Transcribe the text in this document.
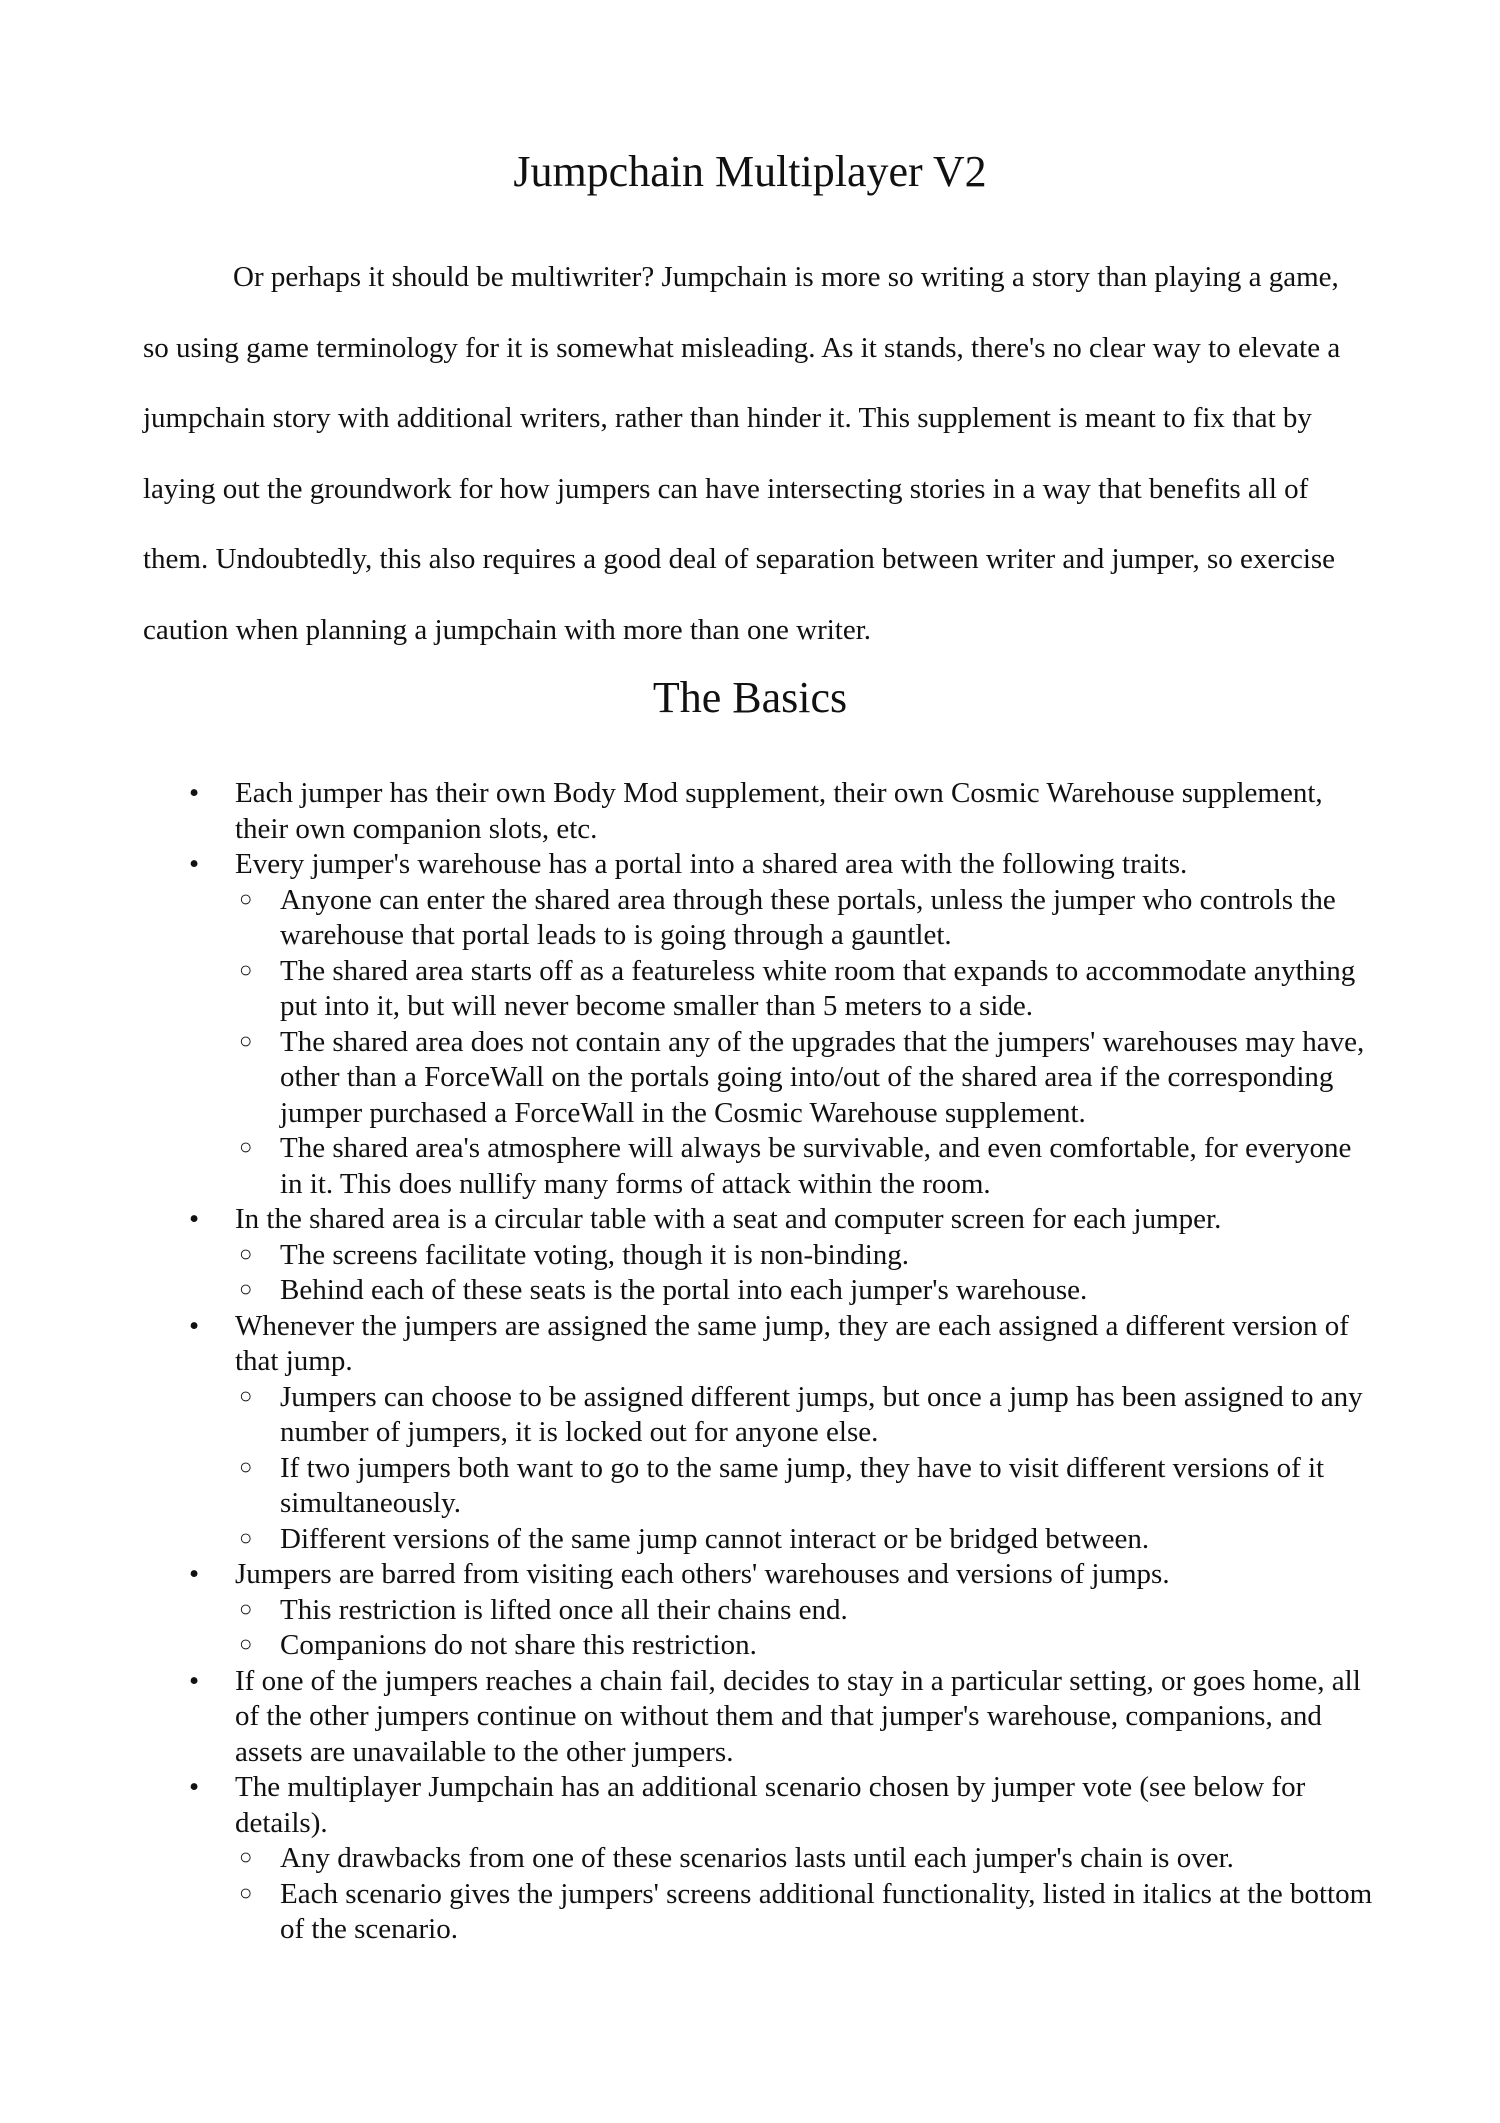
Jumpchain Multiplayer V2
Or perhaps it should be multiwriter? Jumpchain is more so writing a story than playing a game, so using game terminology for it is somewhat misleading. As it stands, there's no clear way to elevate a jumpchain story with additional writers, rather than hinder it. This supplement is meant to fix that by laying out the groundwork for how jumpers can have intersecting stories in a way that benefits all of them. Undoubtedly, this also requires a good deal of separation between writer and jumper, so exercise caution when planning a jumpchain with more than one writer.
The Basics
• Each jumper has their own Body Mod supplement, their own Cosmic Warehouse supplement, their own companion slots, etc.
• Every jumper's warehouse has a portal into a shared area with the following traits.
○ Anyone can enter the shared area through these portals, unless the jumper who controls the warehouse that portal leads to is going through a gauntlet.
○ The shared area starts off as a featureless white room that expands to accommodate anything put into it, but will never become smaller than 5 meters to a side.
○ The shared area does not contain any of the upgrades that the jumpers' warehouses may have, other than a ForceWall on the portals going into/out of the shared area if the corresponding jumper purchased a ForceWall in the Cosmic Warehouse supplement.
○ The shared area's atmosphere will always be survivable, and even comfortable, for everyone in it. This does nullify many forms of attack within the room.
• In the shared area is a circular table with a seat and computer screen for each jumper.
○ The screens facilitate voting, though it is non-binding.
○ Behind each of these seats is the portal into each jumper's warehouse.
• Whenever the jumpers are assigned the same jump, they are each assigned a different version of that jump.
○ Jumpers can choose to be assigned different jumps, but once a jump has been assigned to any number of jumpers, it is locked out for anyone else.
○ If two jumpers both want to go to the same jump, they have to visit different versions of it simultaneously.
○ Different versions of the same jump cannot interact or be bridged between.
• Jumpers are barred from visiting each others' warehouses and versions of jumps.
○ This restriction is lifted once all their chains end.
○ Companions do not share this restriction.
• If one of the jumpers reaches a chain fail, decides to stay in a particular setting, or goes home, all of the other jumpers continue on without them and that jumper's warehouse, companions, and assets are unavailable to the other jumpers.
• The multiplayer Jumpchain has an additional scenario chosen by jumper vote (see below for details).
○ Any drawbacks from one of these scenarios lasts until each jumper's chain is over.
○ Each scenario gives the jumpers' screens additional functionality, listed in italics at the bottom of the scenario.
